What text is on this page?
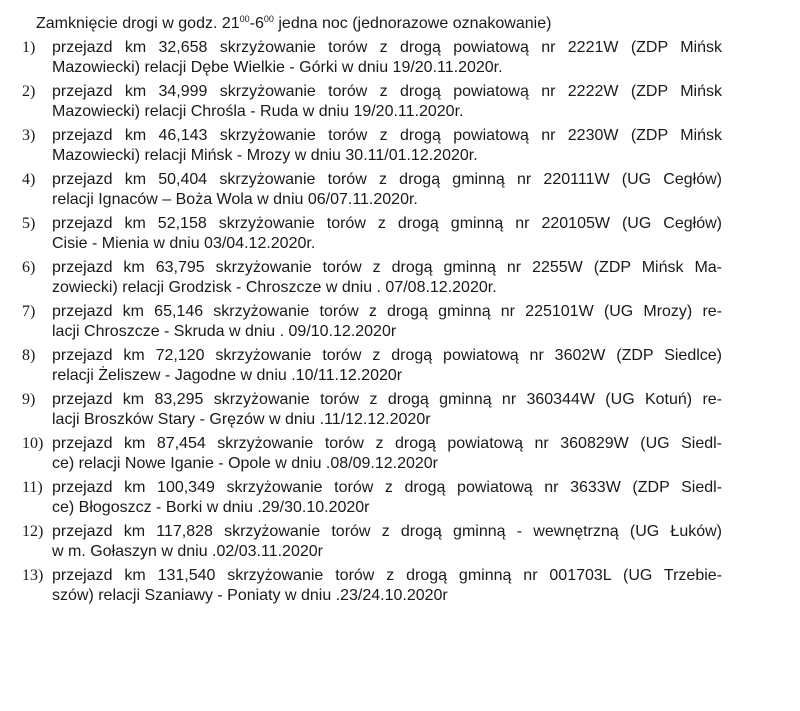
Zamknięcie drogi w godz. $21^{00}-6^{00}$ jedna noc (jednorazowe oznakowanie)
1) przejazd km 32,658 skrzyżowanie torów z drogą powiatową nr 2221W (ZDP Mińsk
Mazowiecki) relacji Dębe Wielkie - Górki w dniu 19/20.11.2020r.
2) przejazd km 34,999 skrzyżowanie torów z drogą powiatową nr 2222W (ZDP Mińsk
Mazowiecki) relacji Chrośla - Ruda w dniu 19/20.11.2020r.
3) przejazd km 46,143 skrzyżowanie torów z drogą powiatową nr 2230W (ZDP Mińsk
Mazowiecki) relacji Mińsk - Mrozy w dniu 30.11/01.12.2020r.
4) przejazd km 50,404 skrzyżowanie torów z drogą gminną nr 220111W (UG Cegłów)
relacji Ignaców – Boża Wola w dniu 06/07.11.2020r.
5) przejazd km 52,158 skrzyżowanie torów z drogą gminną nr 220105W (UG Cegłów)
Cisie - Mienia w dniu 03/04.12.2020r.
6) przejazd km 63,795 skrzyżowanie torów z drogą gminną nr 2255W (ZDP Mińsk Ma-
zowiecki) relacji Grodzisk - Chroszcze w dniu . 07/08.12.2020r.
7) przejazd km 65,146 skrzyżowanie torów z drogą gminną nr 225101W (UG Mrozy) re-
lacji Chroszcze - Skruda w dniu . 09/10.12.2020r
8) przejazd km 72,120 skrzyżowanie torów z drogą powiatową nr 3602W (ZDP Siedlce)
relacji Żeliszew - Jagodne w dniu .10/11.12.2020r
9) przejazd km 83,295 skrzyżowanie torów z drogą gminną nr 360344W (UG Kotuń) re-
lacji Broszków Stary - Gręzów w dniu .11/12.12.2020r
10) przejazd km 87,454 skrzyżowanie torów z drogą powiatową nr 360829W (UG Siedl-
ce) relacji Nowe Iganie - Opole w dniu .08/09.12.2020r
11) przejazd km 100,349 skrzyżowanie torów z drogą powiatową nr 3633W (ZDP Siedl-
ce) Błogoszcz - Borki w dniu .29/30.10.2020r
12) przejazd km 117,828 skrzyżowanie torów z drogą gminną - wewnętrzną (UG Łuków)
w m. Gołaszyn w dniu .02/03.11.2020r
13) przejazd km 131,540 skrzyżowanie torów z drogą gminną nr 001703L (UG Trzebie-
szów) relacji Szaniawy - Poniaty w dniu .23/24.10.2020r
